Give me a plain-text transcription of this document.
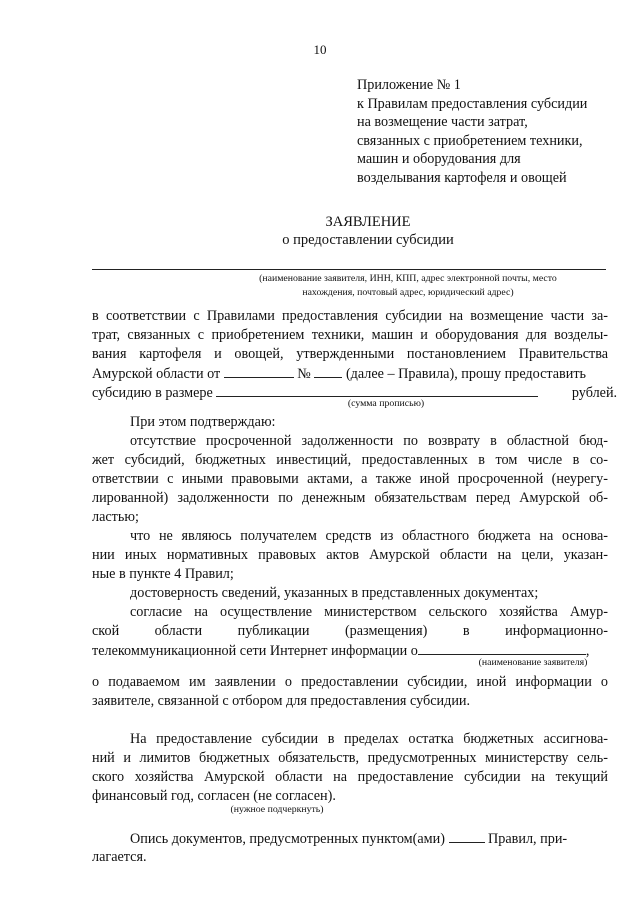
10
Приложение № 1
к Правилам предоставления субсидии
на возмещение части затрат,
связанных с приобретением техники,
машин и оборудования для
возделывания картофеля и овощей
ЗАЯВЛЕНИЕ
о предоставлении субсидии
(наименование заявителя, ИНН, КПП, адрес электронной почты, место
нахождения, почтовый адрес, юридический адрес)
в соответствии с Правилами предоставления субсидии на возмещение части за-
трат, связанных с приобретением техники, машин и оборудования для возделы-
вания картофеля и овощей, утвержденными постановлением Правительства
Амурской области от	№ (далее – Правила), прошу предоставить
субсидию в размере	рублей.
(сумма прописью)
При этом подтверждаю:
отсутствие просроченной задолженности по возврату в областной бюд-
жет субсидий, бюджетных инвестиций, предоставленных в том числе в со-
ответствии с иными правовыми актами, а также иной просроченной (неурегу-
лированной) задолженности по денежным обязательствам перед Амурской об-
ластью;
что не являюсь получателем средств из областного бюджета на основа-
нии иных нормативных правовых актов Амурской области на цели, указан-
ные в пункте 4 Правил;
достоверность сведений, указанных в представленных документах;
согласие на осуществление министерством сельского хозяйства Амур-
ской	области	публикации	(размещения)	в	информационно-
телекоммуникационной сети Интернет информации о	,
(наименование заявителя)
о подаваемом им заявлении о предоставлении субсидии, иной информации о
заявителе, связанной с отбором для предоставления субсидии.
На предоставление субсидии в пределах остатка бюджетных ассигнова-
ний и лимитов бюджетных обязательств, предусмотренных министерству сель-
ского хозяйства Амурской области на предоставление субсидии на текущий
финансовый год, согласен (не согласен).
(нужное подчеркнуть)
Опись документов, предусмотренных пунктом(ами)	Правил, при-
лагается.
